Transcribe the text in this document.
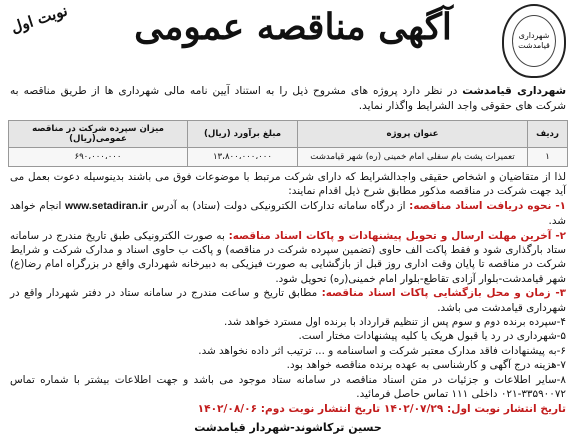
شهرداری قیامدشت
آگهی مناقصه عمومی
نوبت اول
شهرداری قیامدشت در نظر دارد پروژه های مشروح ذیل را به استناد آیین نامه مالی شهرداری ها از طریق مناقصه به شرکت های حقوقی واجد الشرایط واگذار نماید.
ردیف	عنوان پروژه	مبلغ برآورد (ریال)	میزان سپرده شرکت در مناقصه عمومی(ریال)
۱	تعمیرات پشت بام سفلی امام خمینی (ره) شهر قیامدشت	۱۳،۸۰۰،۰۰۰،۰۰۰	۶۹۰،۰۰۰،۰۰۰
لذا از متقاضیان و اشخاص حقیقی واجدالشرایط که دارای شرکت مرتبط با موضوعات فوق می باشند بدینوسیله دعوت بعمل می آید جهت شرکت در مناقصه مذکور مطابق شرح ذیل اقدام نمایند:
۱- نحوه دریافت اسناد مناقصه: از درگاه سامانه تدارکات الکترونیکی دولت (ستاد) به آدرس www.setadiran.ir انجام خواهد شد.
۲- آخرین مهلت ارسال و تحویل پیشنهادات و پاکات اسناد مناقصه: به صورت الکترونیکی طبق تاریخ مندرج در سامانه ستاد بارگذاری شود و فقط پاکت الف حاوی (تضمین سپرده شرکت در مناقصه) و پاکت ب حاوی اسناد و مدارک شرکت و شرایط شرکت در مناقصه تا پایان وقت اداری روز قبل از بازگشایی به صورت فیزیکی به دبیرخانه شهرداری واقع در بزرگراه امام رضا(ع) شهر قیامدشت-بلوار آزادی تقاطع-بلوار امام خمینی(ره) تحویل شود.
۳- زمان و محل بازگشایی پاکات اسناد مناقصه: مطابق تاریخ و ساعت مندرج در سامانه ستاد در دفتر شهردار واقع در شهرداری قیامدشت می باشد.
۴-سپرده برنده دوم و سوم پس از تنظیم قرارداد با برنده اول مسترد خواهد شد.
۵-شهرداری در رد یا قبول هریک یا کلیه پیشنهادات مختار است.
۶-به پیشنهادات فاقد مدارک معتبر شرکت و اساسنامه و ... ترتیب اثر داده نخواهد شد.
۷-هزینه درج آگهی و کارشناسی به عهده برنده مناقصه خواهد بود.
۸-سایر اطلاعات و جزئیات در متن اسناد مناقصه در سامانه ستاد موجود می باشد و جهت اطلاعات بیشتر با شماره تماس ۳۳۵۹۰۰۷۲-۰۲۱ داخلی ۱۱۱ تماس حاصل فرمائید.
تاریخ انتشار نوبت اول: ۱۴۰۲/۰۷/۲۹ تاریخ انتشار نوبت دوم: ۱۴۰۲/۰۸/۰۶
حسین ترکاشوند-شهردار قیامدشت
